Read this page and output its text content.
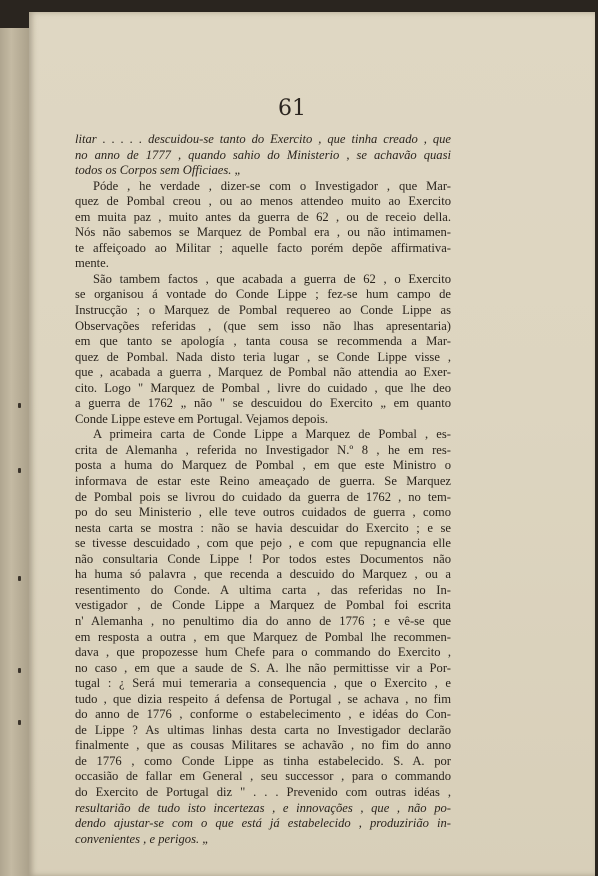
61
litar . . . . . descuidou-se tanto do Exercito , que tinha creado , que
no anno de 1777 , quando sahio do Ministerio , se achavão quasi
todos os Corpos sem Officiaes. „
Póde , he verdade , dizer-se com o Investigador , que Mar-
quez de Pombal creou , ou ao menos attendeo muito ao Exercito
em muita paz , muito antes da guerra de 62 , ou de receio della.
Nós não sabemos se Marquez de Pombal era , ou não intimamen-
te affeiçoado ao Militar ; aquelle facto porém depõe affirmativa-
mente.
São tambem factos , que acabada a guerra de 62 , o Exercito
se organisou á vontade do Conde Lippe ; fez-se hum campo de
Instrucção ; o Marquez de Pombal requereo ao Conde Lippe as
Observações referidas , (que sem isso não lhas apresentaria)
em que tanto se apología , tanta cousa se recommenda a Mar-
quez de Pombal. Nada disto teria lugar , se Conde Lippe visse ,
que , acabada a guerra , Marquez de Pombal não attendia ao Exer-
cito. Logo " Marquez de Pombal , livre do cuidado , que lhe deo
a guerra de 1762 „ não " se descuidou do Exercito „ em quanto
Conde Lippe esteve em Portugal. Vejamos depois.
A primeira carta de Conde Lippe a Marquez de Pombal , es-
crita de Alemanha , referida no Investigador N.º 8 , he em res-
posta a huma do Marquez de Pombal , em que este Ministro o
informava de estar este Reino ameaçado de guerra. Se Marquez
de Pombal pois se livrou do cuidado da guerra de 1762 , no tem-
po do seu Ministerio , elle teve outros cuidados de guerra , como
nesta carta se mostra : não se havia descuidar do Exercito ; e se
se tivesse descuidado , com que pejo , e com que repugnancia elle
não consultaria Conde Lippe ! Por todos estes Documentos não
ha huma só palavra , que recenda a descuido do Marquez , ou a
resentimento do Conde. A ultima carta , das referidas no In-
vestigador , de Conde Lippe a Marquez de Pombal foi escrita
n' Alemanha , no penultimo dia do anno de 1776 ; e vê-se que
em resposta a outra , em que Marquez de Pombal lhe recommen-
dava , que propozesse hum Chefe para o commando do Exercito ,
no caso , em que a saude de S. A. lhe não permittisse vir a Por-
tugal : ¿ Será mui temeraria a consequencia , que o Exercito , e
tudo , que dizia respeito á defensa de Portugal , se achava , no fim
do anno de 1776 , conforme o estabelecimento , e idéas do Con-
de Lippe ? As ultimas linhas desta carta no Investigador declarão
finalmente , que as cousas Militares se achavão , no fim do anno
de 1776 , como Conde Lippe as tinha estabelecido. S. A. por
occasião de fallar em General , seu successor , para o commando
do Exercito de Portugal diz " . . . Prevenido com outras idéas ,
resultarião de tudo isto incertezas , e innovações , que , não po-
dendo ajustar-se com o que está já estabelecido , produzirião in-
convenientes , e perigos. „
